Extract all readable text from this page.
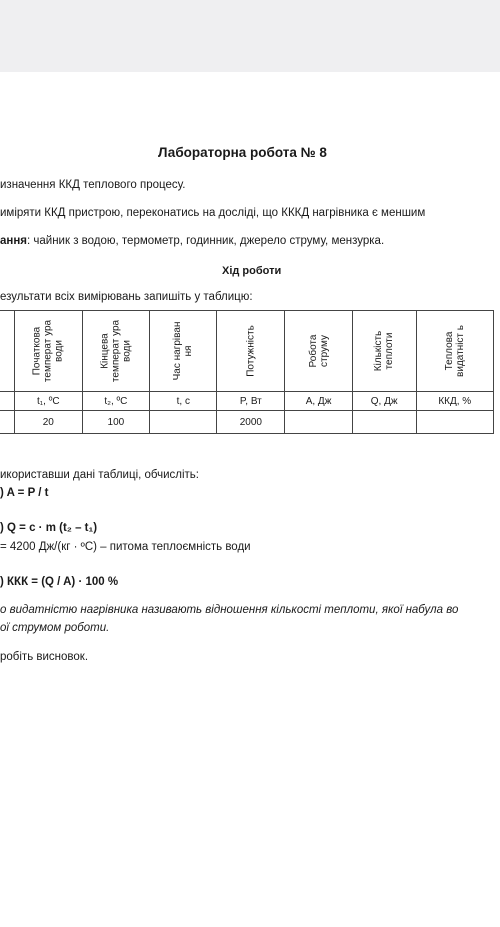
Лабораторна робота № 8
изначення ККД теплового процесу.
иміряти ККД пристрою, переконатись на досліді, що КККД нагрівника є меншим
ання: чайник з водою, термометр, годинник, джерело струму, мензурка.
Хід роботи
езультати всіх вимірювань запишіть у таблицю:

	Початкова температ ура води	Кінцева температ ура води	Час нагріван ня	Потужність	Робота струму	Кількість теплоти	Теплова видатніст ь

	t₁, ºC	t₂, ºC	t, c	P, Вт	A, Дж	Q, Дж	ККД, %
	20	100		2000			
икориставши дані таблиці, обчисліть:
) A = P / t
) Q = c · m (t₂ – t₁)
= 4200 Дж/(кг · ºC) – питома теплоємність води
) ККК = (Q / A) · 100 %
о видатністю нагрівника називають відношення кількості теплоти, якої набула во
ої струмом роботи.
робіть висновок.
